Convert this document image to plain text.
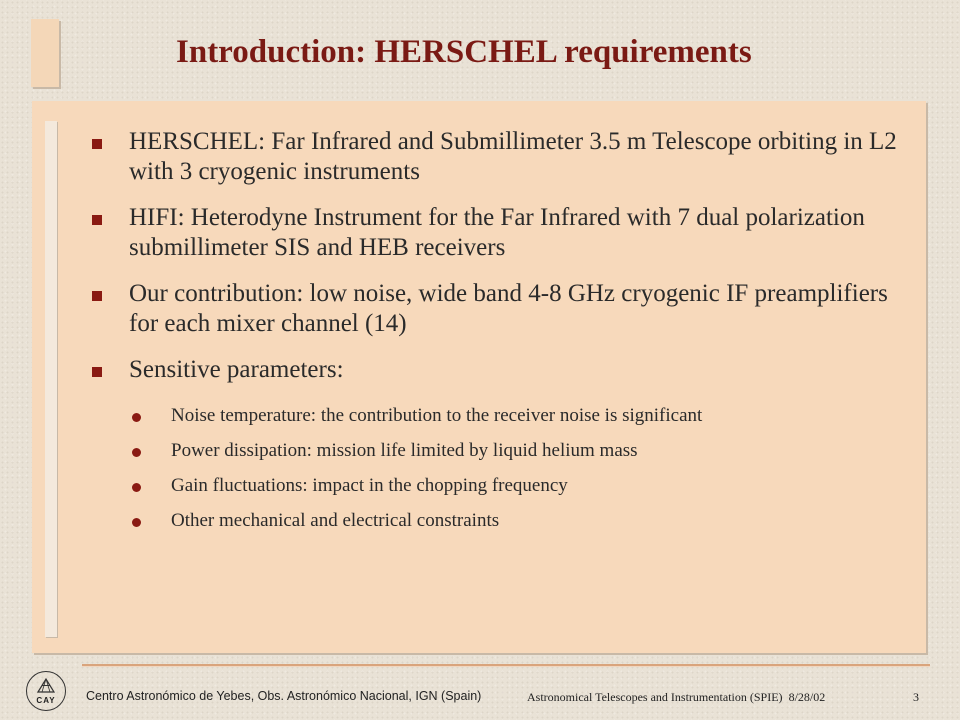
Introduction: HERSCHEL requirements
HERSCHEL: Far Infrared and Submillimeter 3.5 m Telescope orbiting in L2 with 3 cryogenic instruments
HIFI: Heterodyne Instrument for the Far Infrared with 7 dual polarization submillimeter SIS and HEB receivers
Our contribution: low noise, wide band 4-8 GHz cryogenic IF preamplifiers for each mixer channel (14)
Sensitive parameters:
Noise temperature: the contribution to the receiver noise is significant
Power dissipation: mission life limited by liquid helium mass
Gain fluctuations: impact in the chopping frequency
Other mechanical and electrical constraints
CAY	Centro Astronómico de Yebes, Obs. Astronómico Nacional, IGN (Spain)	Astronomical Telescopes and Instrumentation (SPIE) 8/28/02	3
